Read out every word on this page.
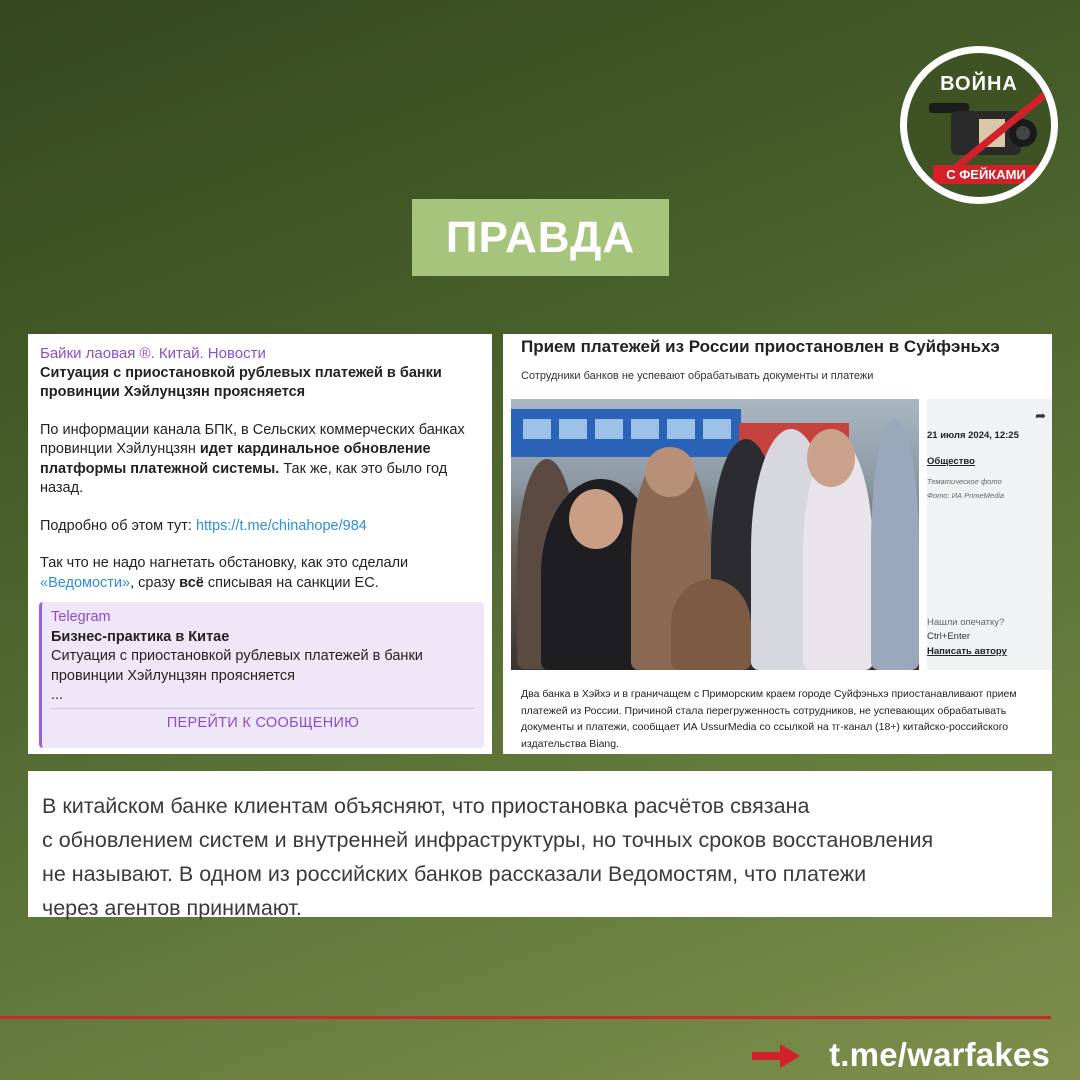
ВОЙНА
С ФЕЙКАМИ
ПРАВДА
Байки лаовая ®. Китай. Новости
Ситуация с приостановкой рублевых платежей в банки провинции Хэйлунцзян проясняется
По информации канала БПК, в Сельских коммерческих банках провинции Хэйлунцзян идет кардинальное обновление платформы платежной системы. Так же, как это было год назад.
Подробно об этом тут: https://t.me/chinahope/984
Так что не надо нагнетать обстановку, как это сделали «Ведомости», сразу всё списывая на санкции ЕС.
Telegram
Бизнес-практика в Китае
Ситуация с приостановкой рублевых платежей в банки провинции Хэйлунцзян проясняется
...
ПЕРЕЙТИ К СООБЩЕНИЮ
Прием платежей из России приостановлен в Суйфэньхэ
Сотрудники банков не успевают обрабатывать документы и платежи
➦
21 июля 2024, 12:25
Общество
Тематическое фото
Фото: ИА PrimeMedia
Нашли опечатку?
Ctrl+Enter
Написать автору
Два банка в Хэйхэ и в граничащем с Приморским краем городе Суйфэньхэ приостанавливают прием платежей из России. Причиной стала перегруженность сотрудников, не успевающих обрабатывать документы и платежи, сообщает ИА UssurMedia со ссылкой на тг-канал (18+) китайско-российского издательства Biang.
В китайском банке клиентам объясняют, что приостановка расчётов связана
с обновлением систем и внутренней инфраструктуры, но точных сроков восстановления
не называют. В одном из российских банков рассказали Ведомостям, что платежи
через агентов принимают.
t.me/warfakes
